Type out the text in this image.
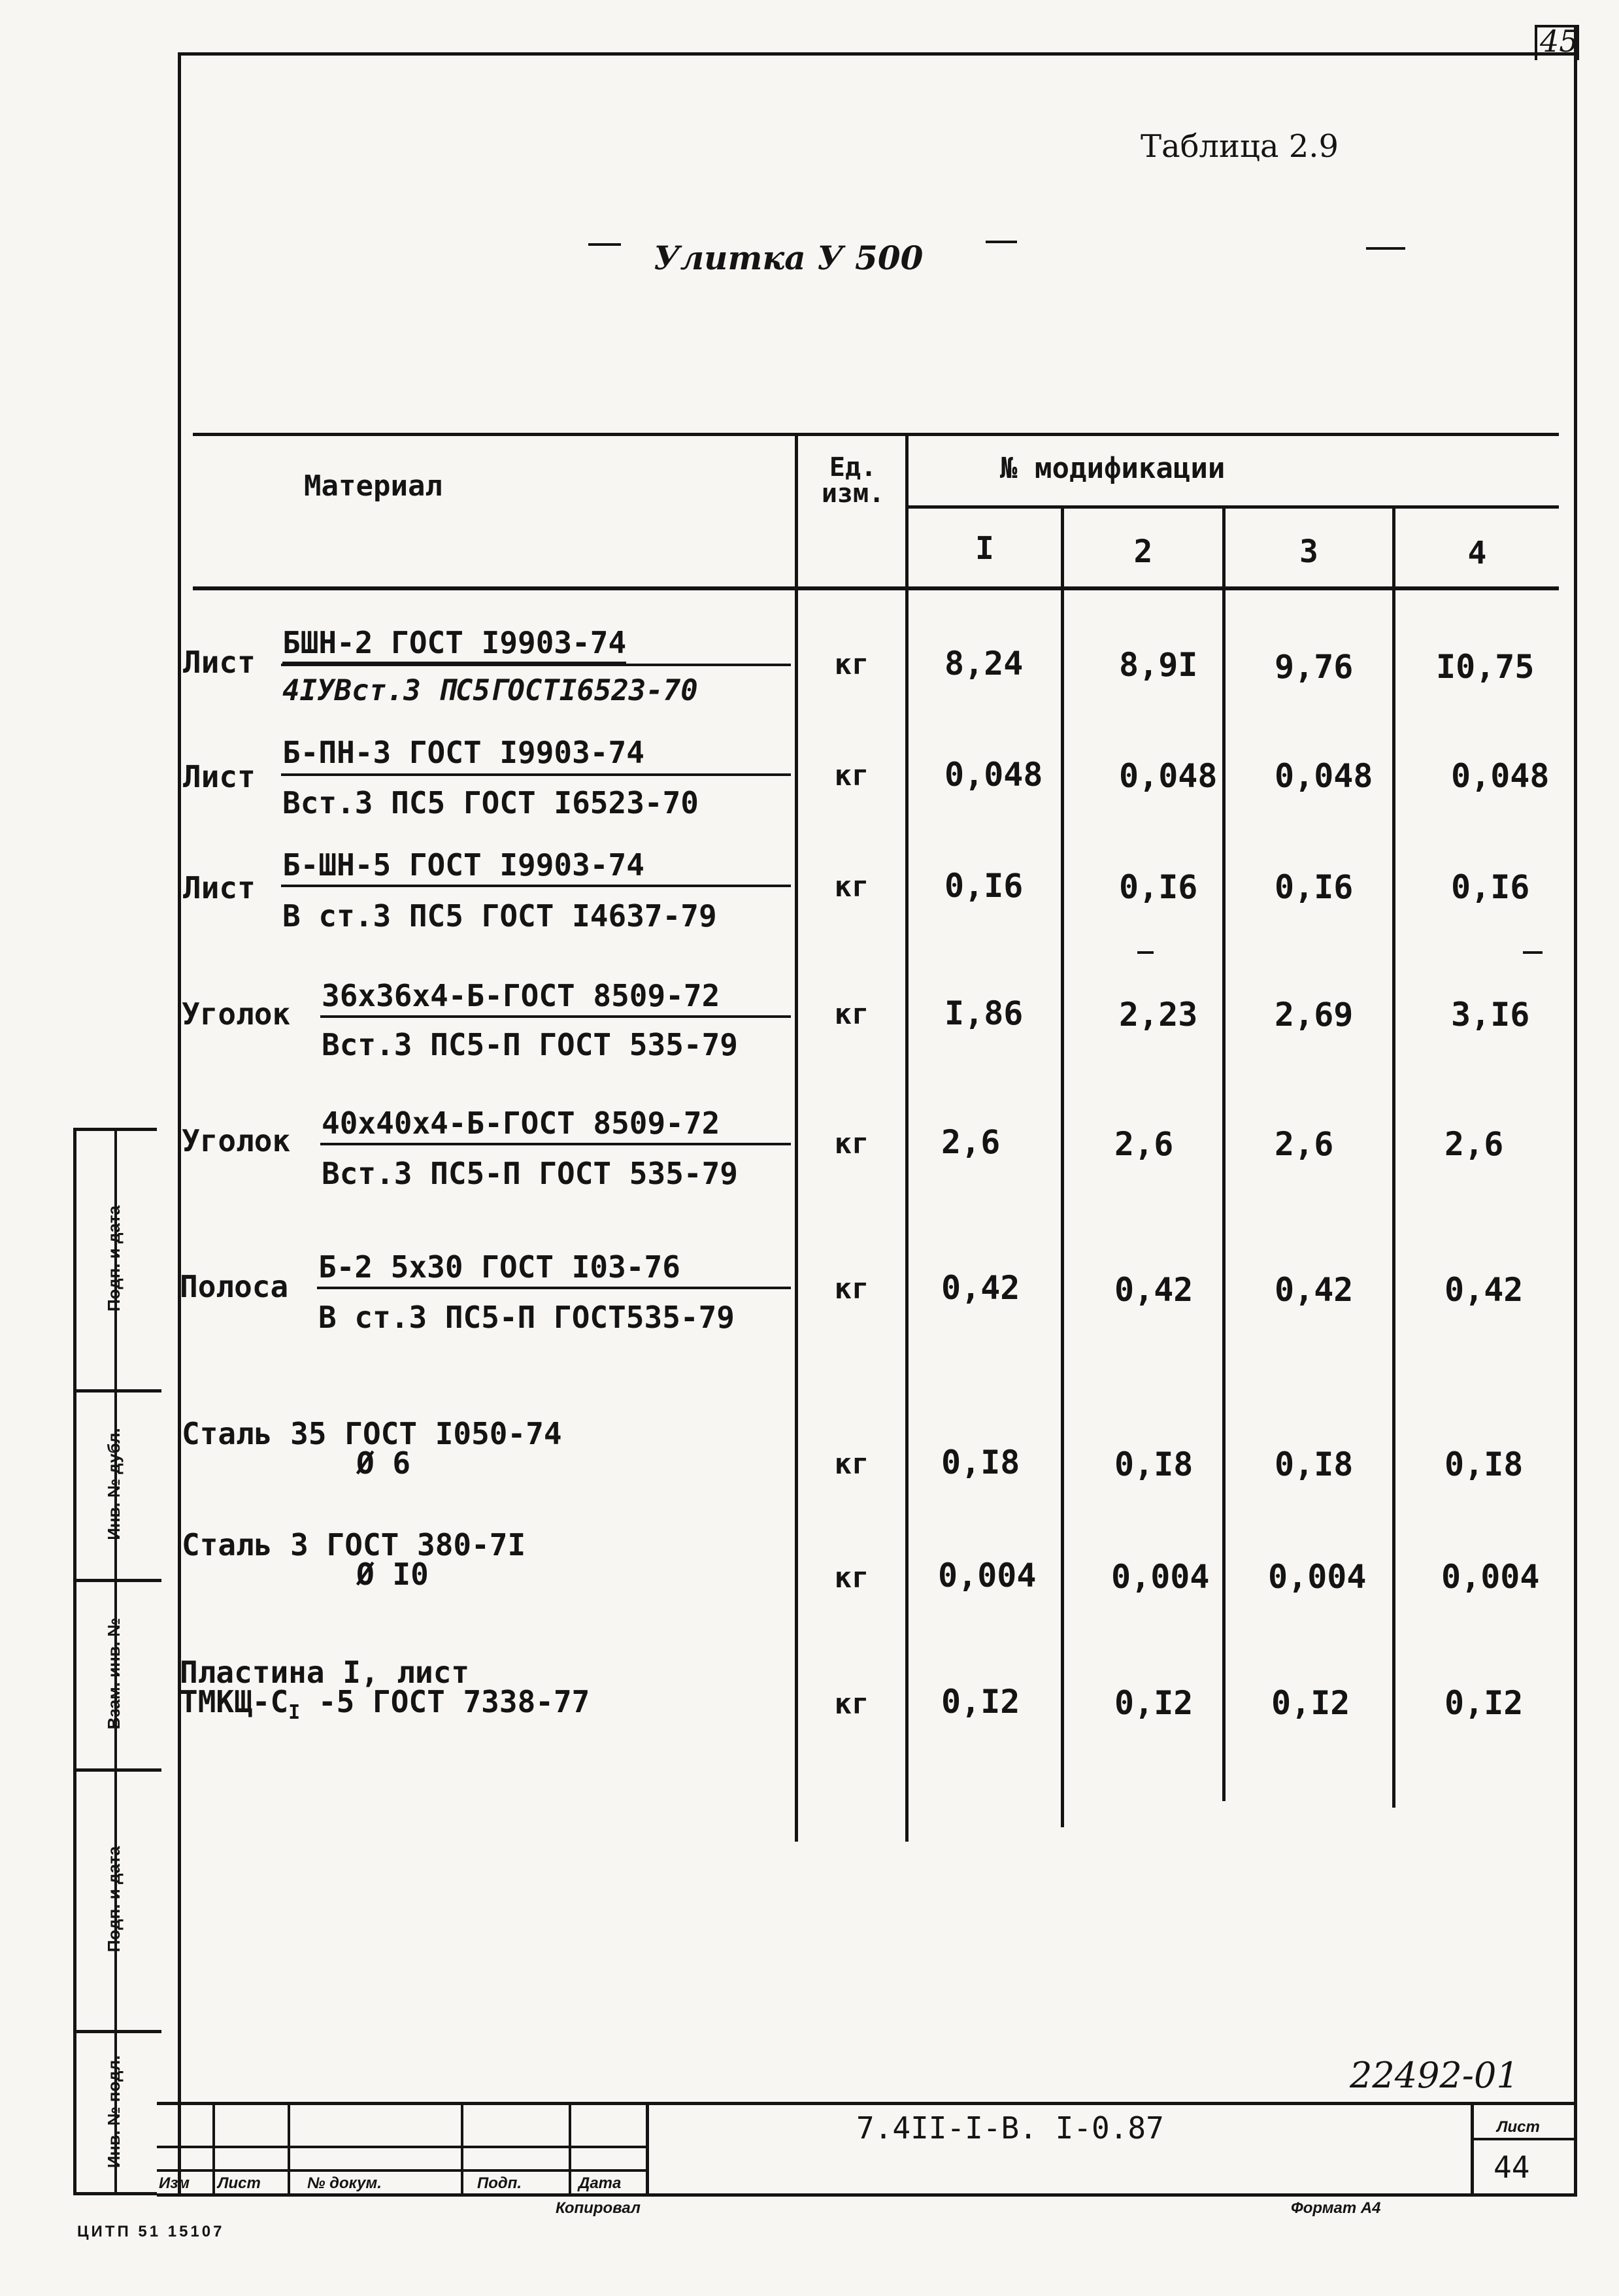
45
Таблица 2.9
Улитка У 500
Материал
Ед. изм.
№ модификации
I	2	3	4
Лист
БШН-2 ГОСТ I9903-74
4IУВст.3 ПС5ГОСТI6523-70
кг	8,24	8,9I 9,76	I0,75
Лист
Б-ПН-3 ГОСТ I9903-74
Вст.3 ПС5 ГОСТ I6523-70
кг	0,048 0,048 0,048 0,048
Лист
Б-ШН-5 ГОСТ I9903-74
В ст.3 ПС5 ГОСТ I4637-79
кг	0,I6	0,I6 0,I6	0,I6
Уголок
36x36x4-Б-ГОСТ 8509-72
Вст.3 ПС5-П ГОСТ 535-79
кг	I,86	2,23 2,69	3,I6
Уголок 40x40x4-Б-ГОСТ 8509-72
Вст.3 ПС5-П ГОСТ 535-79
кг	2,6	2,6	2,6	2,6
Полоса
Б-2 5x30 ГОСТ I03-76
В ст.3 ПС5-П ГОСТ535-79
кг	0,42	0,42 0,42	0,42
Сталь 35 ГОСТ I050-74
Ø 6	кг	0,I8	0,I8 0,I8	0,I8
Сталь 3 ГОСТ 380-7I
Ø I0	кг	0,004 0,004 0,004 0,004
Пластина I, лист
ТМКЩ-$С_I$ -5 ГОСТ 7338-77	кг	0,I2	0,I2 0,I2	0,I2
Инв. № подл.
Подп. и дата
Взам. инв. №
Инв. № дубл.
Подп. и дата
22492-01
Изм Лист	№ докум.	Подп.	Дата
7.4II-I-В. I-0.87	Лист
44
Копировал	Формат А4
ЦИТП 51 15107
